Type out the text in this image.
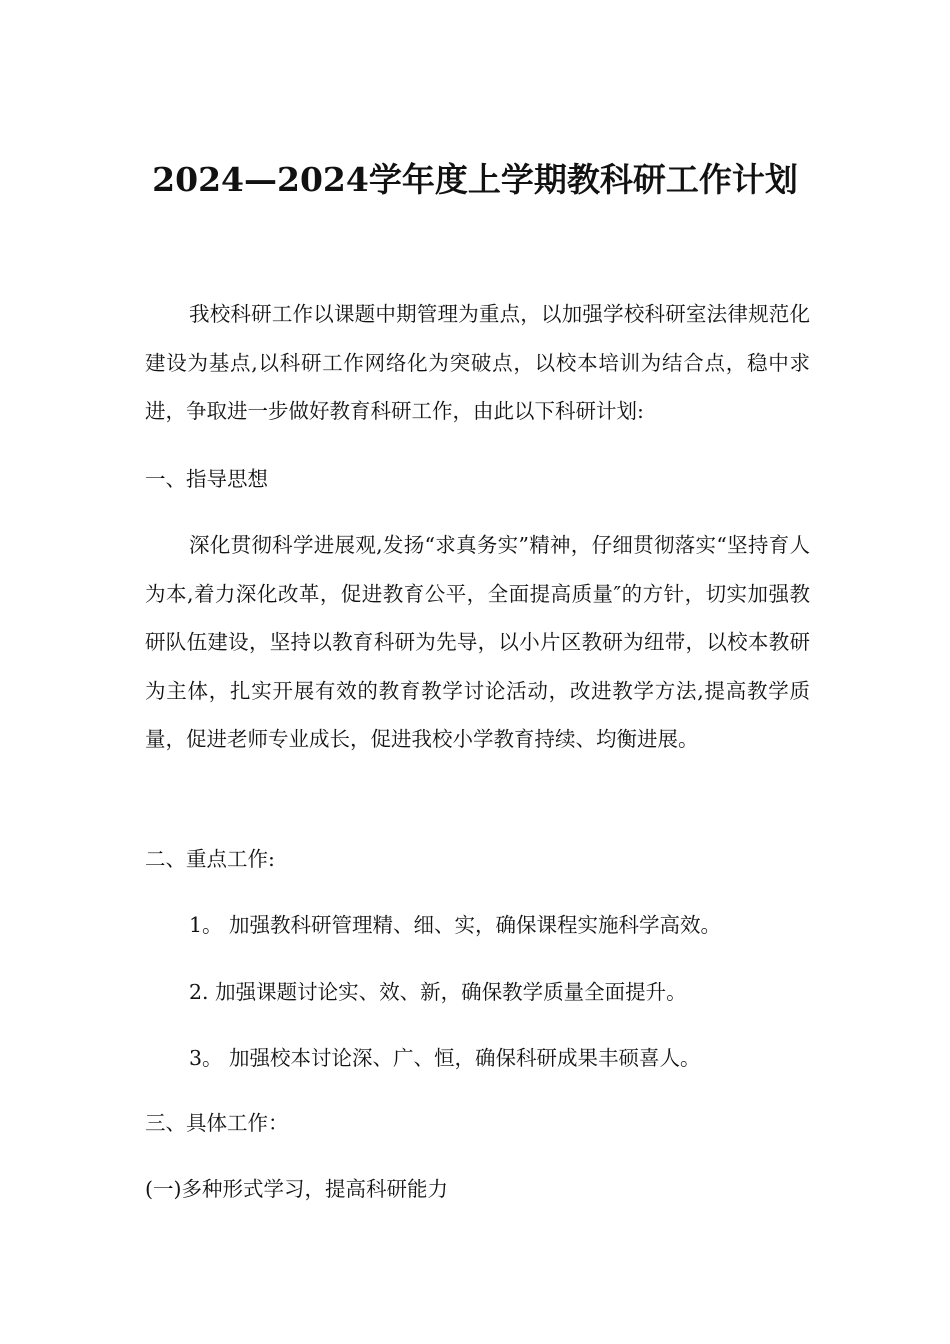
2024—2024学年度上学期教科研工作计划

我校科研工作以课题中期管理为重点，以加强学校科研室法律规范化建设为基点,以科研工作网络化为突破点，以校本培训为结合点，稳中求进，争取进一步做好教育科研工作，由此以下科研计划:

一、指导思想

深化贯彻科学进展观,发扬“求真务实”精神，仔细贯彻落实“坚持育人为本,着力深化改革，促进教育公平，全面提高质量″的方针，切实加强教研队伍建设，坚持以教育科研为先导，以小片区教研为纽带，以校本教研为主体，扎实开展有效的教育教学讨论活动，改进教学方法,提高教学质量，促进老师专业成长，促进我校小学教育持续、均衡进展。

二、重点工作:

1。 加强教科研管理精、细、实，确保课程实施科学高效。

2. 加强课题讨论实、效、新，确保教学质量全面提升。

3。 加强校本讨论深、广、恒，确保科研成果丰硕喜人。

三、具体工作：

(一)多种形式学习，提高科研能力
